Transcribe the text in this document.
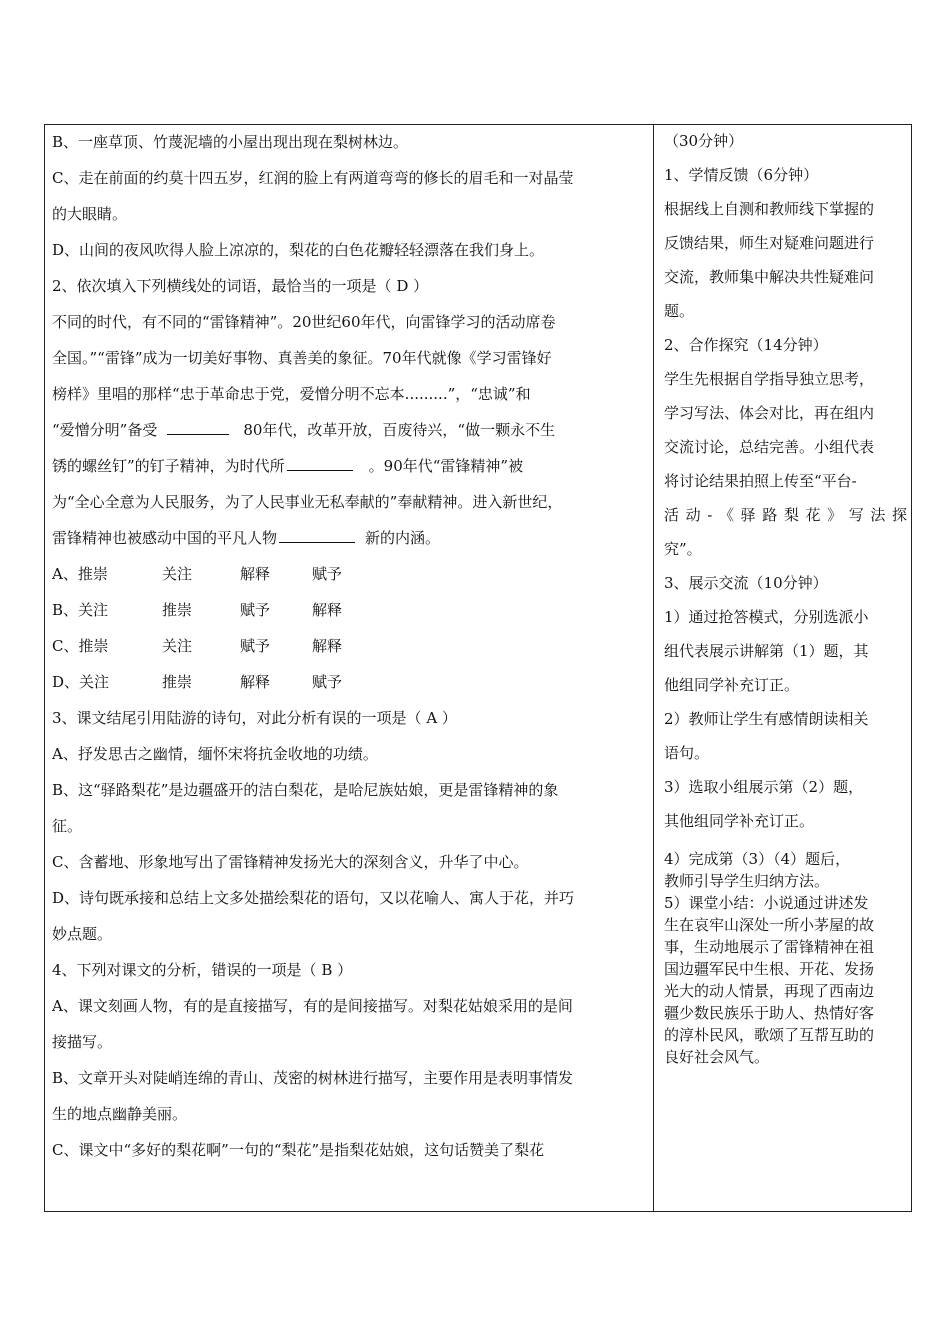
B、一座草顶、竹蔑泥墙的小屋出现出现在梨树林边。
C、走在前面的约莫十四五岁，红润的脸上有两道弯弯的修长的眉毛和一对晶莹
的大眼睛。
D、山间的夜风吹得人脸上凉凉的，梨花的白色花瓣轻轻漂落在我们身上。
2、依次填入下列横线处的词语，最恰当的一项是（ D ）
不同的时代，有不同的“雷锋精神”。20世纪60年代，向雷锋学习的活动席卷
全国。”“雷锋”成为一切美好事物、真善美的象征。70年代就像《学习雷锋好
榜样》里唱的那样“忠于革命忠于党，爱憎分明不忘本.........”，“忠诚”和
“爱憎分明”备受	80年代，改革开放，百废待兴，“做一颗永不生
锈的螺丝钉”的钉子精神，为时代所	。90年代“雷锋精神”被
为“全心全意为人民服务，为了人民事业无私奉献的”奉献精神。进入新世纪，
雷锋精神也被感动中国的平凡人物	新的内涵。
A、推崇	关注	解释	赋予
B、关注	推崇	赋予	解释
C、推崇	关注	赋予	解释
D、关注	推崇	解释	赋予
3、课文结尾引用陆游的诗句，对此分析有误的一项是（ A ）
A、抒发思古之幽情，缅怀宋将抗金收地的功绩。
B、这“驿路梨花”是边疆盛开的洁白梨花，是哈尼族姑娘，更是雷锋精神的象
征。
C、含蓄地、形象地写出了雷锋精神发扬光大的深刻含义，升华了中心。
D、诗句既承接和总结上文多处描绘梨花的语句，又以花喻人、寓人于花，并巧
妙点题。
4、下列对课文的分析，错误的一项是（ B ）
A、课文刻画人物，有的是直接描写，有的是间接描写。对梨花姑娘采用的是间
接描写。
B、文章开头对陡峭连绵的青山、茂密的树林进行描写，主要作用是表明事情发
生的地点幽静美丽。
C、课文中“多好的梨花啊”一句的“梨花”是指梨花姑娘，这句话赞美了梨花
（30分钟）
1、学情反馈（6分钟）
根据线上自测和教师线下掌握的
反馈结果，师生对疑难问题进行
交流，教师集中解决共性疑难问
题。
2、合作探究（14分钟）
学生先根据自学指导独立思考，
学习写法、体会对比，再在组内
交流讨论，总结完善。小组代表
将讨论结果拍照上传至“平台-
活动-《驿路梨花》写法探
究”。
3、展示交流（10分钟）
1）通过抢答模式，分别选派小
组代表展示讲解第（1）题，其
他组同学补充订正。
2）教师让学生有感情朗读相关
语句。
3）选取小组展示第（2）题，
其他组同学补充订正。
4）完成第（3）（4）题后，
教师引导学生归纳方法。
5）课堂小结：小说通过讲述发
生在哀牢山深处一所小茅屋的故
事，生动地展示了雷锋精神在祖
国边疆军民中生根、开花、发扬
光大的动人情景，再现了西南边
疆少数民族乐于助人、热情好客
的淳朴民风，歌颂了互帮互助的
良好社会风气。
